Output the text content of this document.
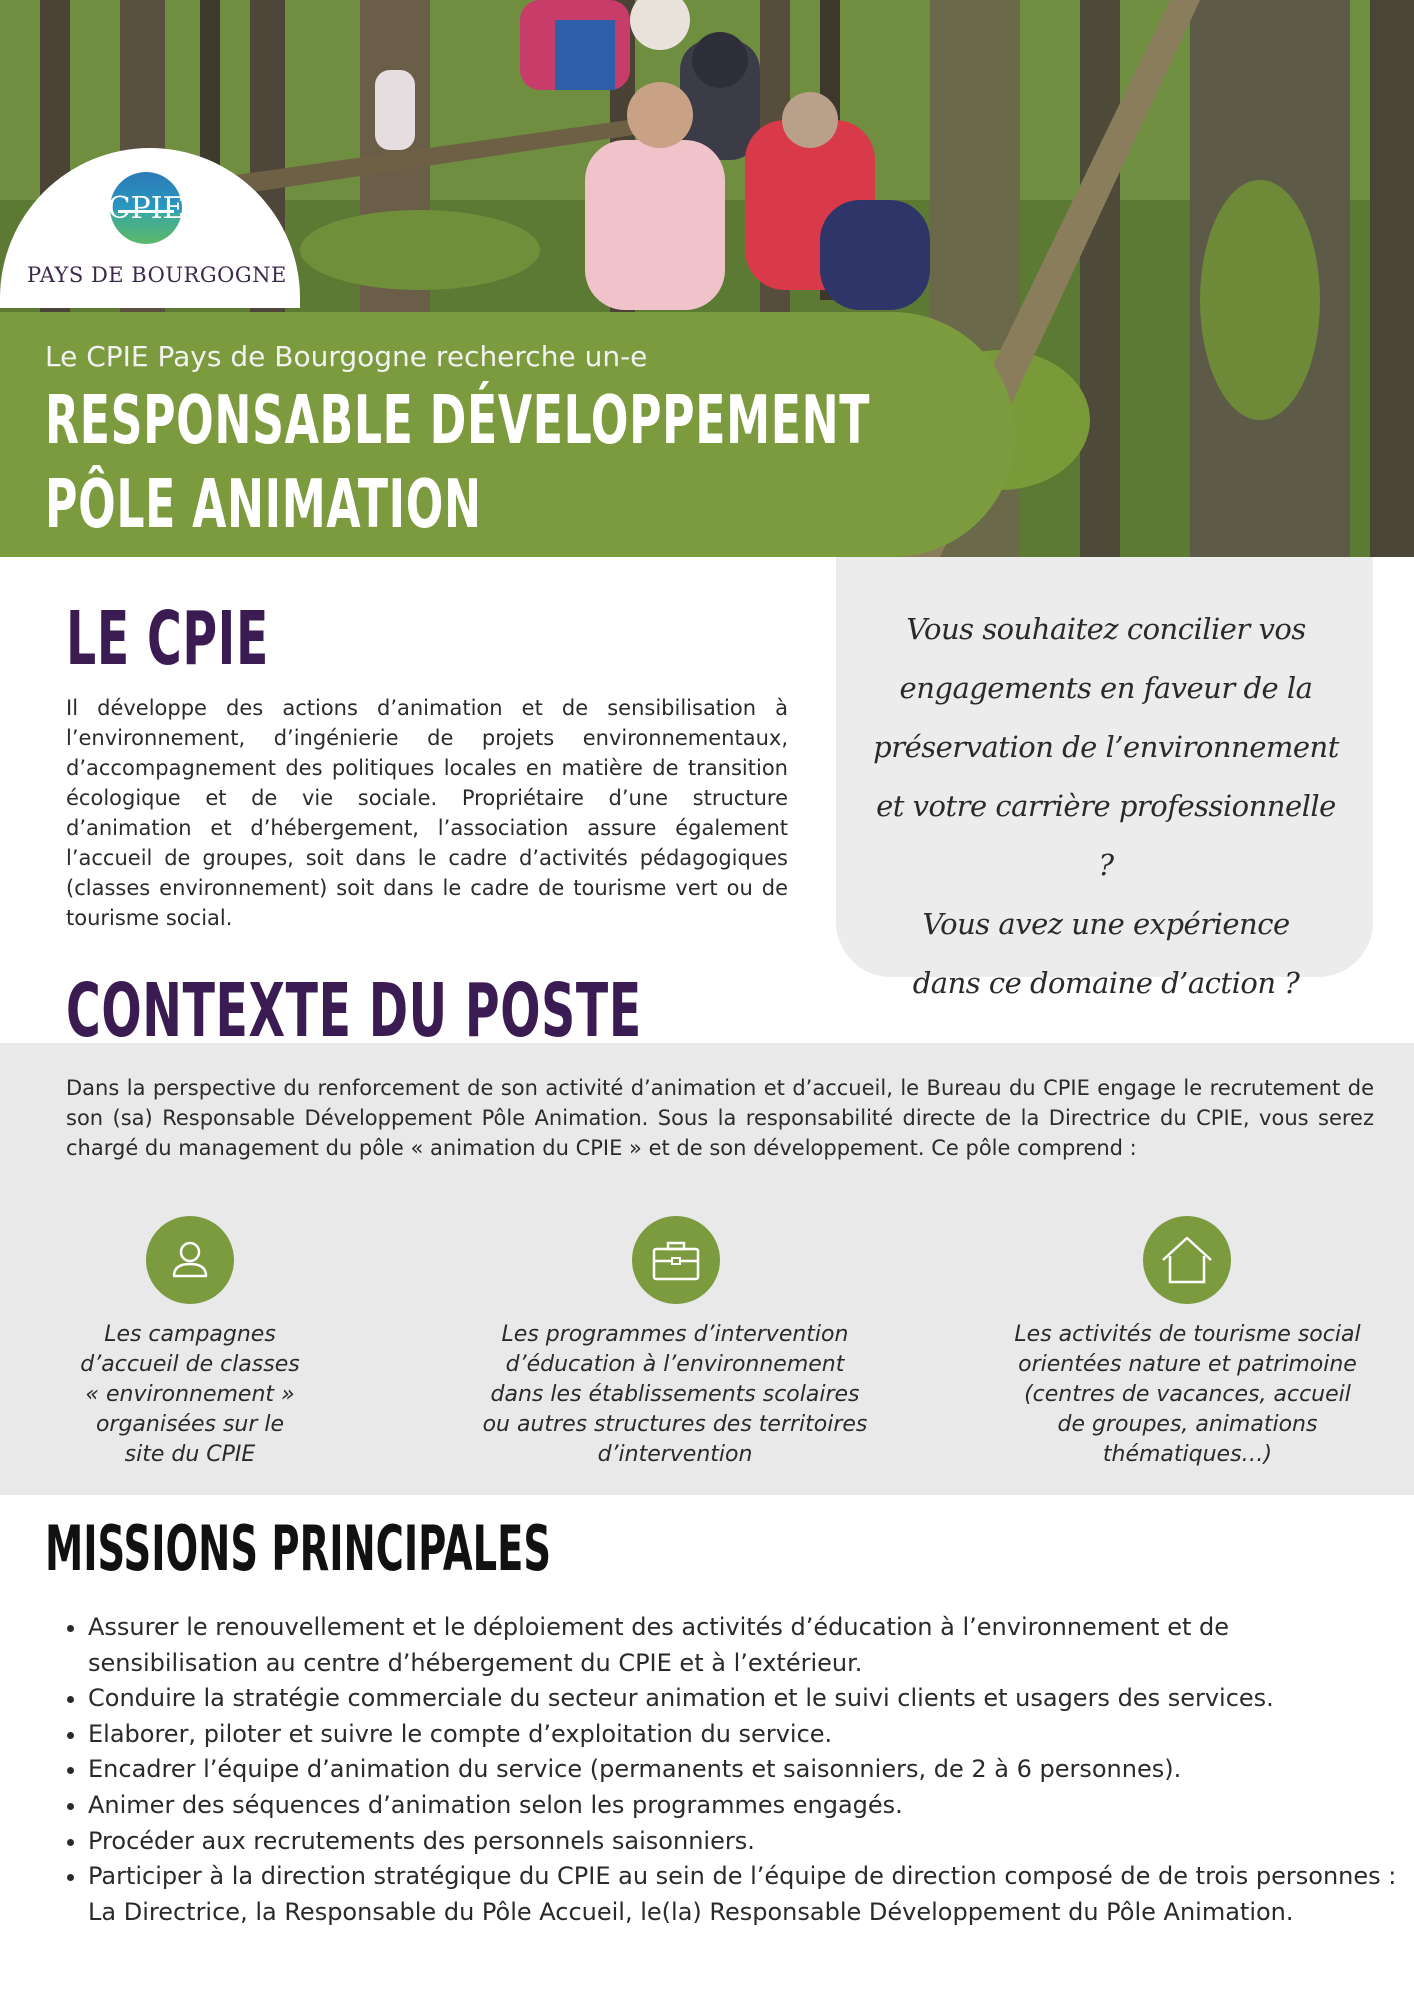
CPIE
PAYS DE BOURGOGNE
Le CPIE Pays de Bourgogne recherche un-e
RESPONSABLE DÉVELOPPEMENT
PÔLE ANIMATION
LE CPIE
Il développe des actions d’animation et de sensibilisation à l’environnement, d’ingénierie de projets environnementaux, d’accompagnement des politiques locales en matière de transition écologique et de vie sociale. Propriétaire d’une structure d’animation et d’hébergement, l’association assure également l’accueil de groupes, soit dans le cadre d’activités pédagogiques (classes environnement) soit dans le cadre de tourisme vert ou de tourisme social.
Vous souhaitez concilier vos
engagements en faveur de la
préservation de l’environnement
et votre carrière professionnelle ?
Vous avez une expérience
dans ce domaine d’action ?
CONTEXTE DU POSTE
Dans la perspective du renforcement de son activité d’animation et d’accueil, le Bureau du CPIE engage le recrutement de son (sa) Responsable Développement Pôle Animation. Sous la responsabilité directe de la Directrice du CPIE, vous serez chargé du management du pôle « animation du CPIE » et de son développement. Ce pôle comprend :
Les campagnes
d’accueil de classes
« environnement »
organisées sur le
site du CPIE
Les programmes d’intervention
d’éducation à l’environnement
dans les établissements scolaires
ou autres structures des territoires
d’intervention
Les activités de tourisme social
orientées nature et patrimoine
(centres de vacances, accueil
de groupes, animations
thématiques…)
MISSIONS PRINCIPALES
• Assurer le renouvellement et le déploiement des activités d’éducation à l’environnement et de sensibilisation au centre d’hébergement du CPIE et à l’extérieur.
• Conduire la stratégie commerciale du secteur animation et le suivi clients et usagers des services.
• Elaborer, piloter et suivre le compte d’exploitation du service.
• Encadrer l’équipe d’animation du service (permanents et saisonniers, de 2 à 6 personnes).
• Animer des séquences d’animation selon les programmes engagés.
• Procéder aux recrutements des personnels saisonniers.
• Participer à la direction stratégique du CPIE au sein de l’équipe de direction composé de de trois personnes : La Directrice, la Responsable du Pôle Accueil, le(la) Responsable Développement du Pôle Animation.
